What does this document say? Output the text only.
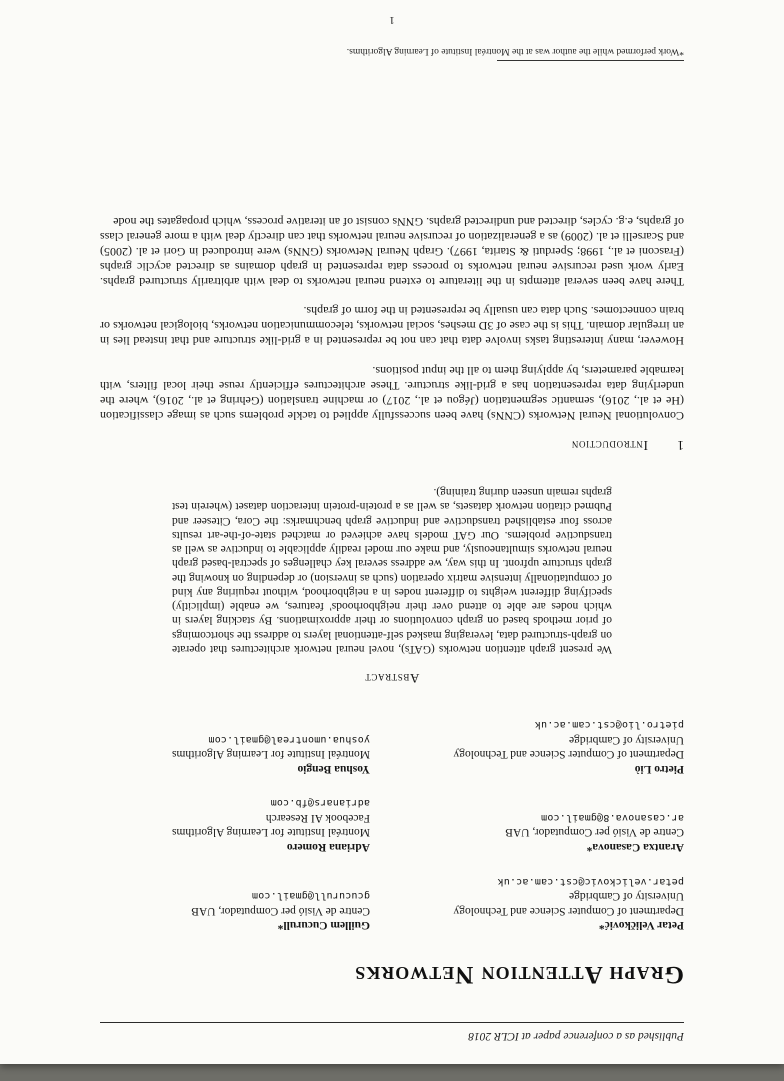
Published as a conference paper at ICLR 2018
Graph Attention Networks
Petar Veličković*
Department of Computer Science and Technology
University of Cambridge
petar.velickovic@cst.cam.ac.uk
Guillem Cucurull*
Centre de Visió per Computador, UAB
gcucurull@gmail.com
Arantxa Casanova*
Centre de Visió per Computador, UAB
ar.casanova.8@gmail.com
Adriana Romero
Montréal Institute for Learning Algorithms
Facebook AI Research
adrianars@fb.com
Pietro Liò
Department of Computer Science and Technology
University of Cambridge
pietro.lio@cst.cam.ac.uk
Yoshua Bengio
Montréal Institute for Learning Algorithms
yoshua.umontreal@gmail.com
Abstract

We present graph attention networks (GATs), novel neural network architectures that operate on graph-structured data, leveraging masked self-attentional layers to address the shortcomings of prior methods based on graph convolutions or their approximations. By stacking layers in which nodes are able to attend over their neighborhoods' features, we enable (implicitly) specifying different weights to different nodes in a neighborhood, without requiring any kind of computationally intensive matrix operation (such as inversion) or depending on knowing the graph structure upfront. In this way, we address several key challenges of spectral-based graph neural networks simultaneously, and make our model readily applicable to inductive as well as transductive problems. Our GAT models have achieved or matched state-of-the-art results across four established transductive and inductive graph benchmarks: the Cora, Citeseer and Pubmed citation network datasets, as well as a protein-protein interaction dataset (wherein test graphs remain unseen during training).

1Introduction

Convolutional Neural Networks (CNNs) have been successfully applied to tackle problems such as image classification (He et al., 2016), semantic segmentation (Jégou et al., 2017) or machine translation (Gehring et al., 2016), where the underlying data representation has a grid-like structure. These architectures efficiently reuse their local filters, with learnable parameters, by applying them to all the input positions.

However, many interesting tasks involve data that can not be represented in a grid-like structure and that instead lies in an irregular domain. This is the case of 3D meshes, social networks, telecommunication networks, biological networks or brain connectomes. Such data can usually be represented in the form of graphs.

There have been several attempts in the literature to extend neural networks to deal with arbitrarily structured graphs. Early work used recursive neural networks to process data represented in graph domains as directed acyclic graphs (Frasconi et al., 1998; Sperduti & Starita, 1997). Graph Neural Networks (GNNs) were introduced in Gori et al. (2005) and Scarselli et al. (2009) as a generalization of recursive neural networks that can directly deal with a more general class of graphs, e.g. cycles, directed and undirected graphs. GNNs consist of an iterative process, which propagates the node

*Work performed while the author was at the Montréal Institute of Learning Algorithms.
1
